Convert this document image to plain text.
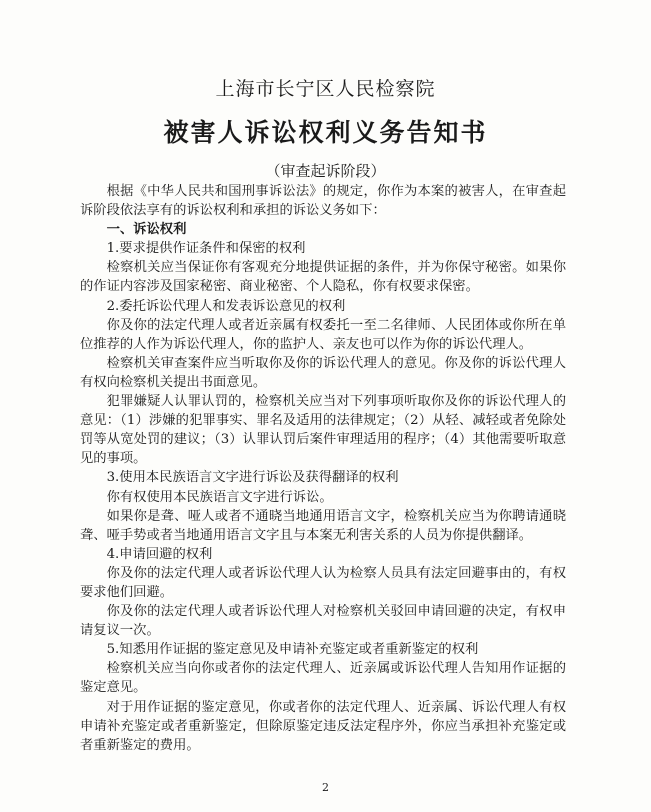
上海市长宁区人民检察院
被害人诉讼权利义务告知书
（审查起诉阶段）

根据《中华人民共和国刑事诉讼法》的规定，你作为本案的被害人，在审查起诉阶段依法享有的诉讼权利和承担的诉讼义务如下：

一、诉讼权利

1.要求提供作证条件和保密的权利

检察机关应当保证你有客观充分地提供证据的条件，并为你保守秘密。如果你的作证内容涉及国家秘密、商业秘密、个人隐私，你有权要求保密。

2.委托诉讼代理人和发表诉讼意见的权利

你及你的法定代理人或者近亲属有权委托一至二名律师、人民团体或你所在单位推荐的人作为诉讼代理人，你的监护人、亲友也可以作为你的诉讼代理人。

检察机关审查案件应当听取你及你的诉讼代理人的意见。你及你的诉讼代理人有权向检察机关提出书面意见。

犯罪嫌疑人认罪认罚的，检察机关应当对下列事项听取你及你的诉讼代理人的意见：（1）涉嫌的犯罪事实、罪名及适用的法律规定；（2）从轻、减轻或者免除处罚等从宽处罚的建议；（3）认罪认罚后案件审理适用的程序；（4）其他需要听取意见的事项。

3.使用本民族语言文字进行诉讼及获得翻译的权利

你有权使用本民族语言文字进行诉讼。

如果你是聋、哑人或者不通晓当地通用语言文字，检察机关应当为你聘请通晓聋、哑手势或者当地通用语言文字且与本案无利害关系的人员为你提供翻译。

4.申请回避的权利

你及你的法定代理人或者诉讼代理人认为检察人员具有法定回避事由的，有权要求他们回避。

你及你的法定代理人或者诉讼代理人对检察机关驳回申请回避的决定，有权申请复议一次。

5.知悉用作证据的鉴定意见及申请补充鉴定或者重新鉴定的权利

检察机关应当向你或者你的法定代理人、近亲属或诉讼代理人告知用作证据的鉴定意见。

对于用作证据的鉴定意见，你或者你的法定代理人、近亲属、诉讼代理人有权申请补充鉴定或者重新鉴定，但除原鉴定违反法定程序外，你应当承担补充鉴定或者重新鉴定的费用。

2
